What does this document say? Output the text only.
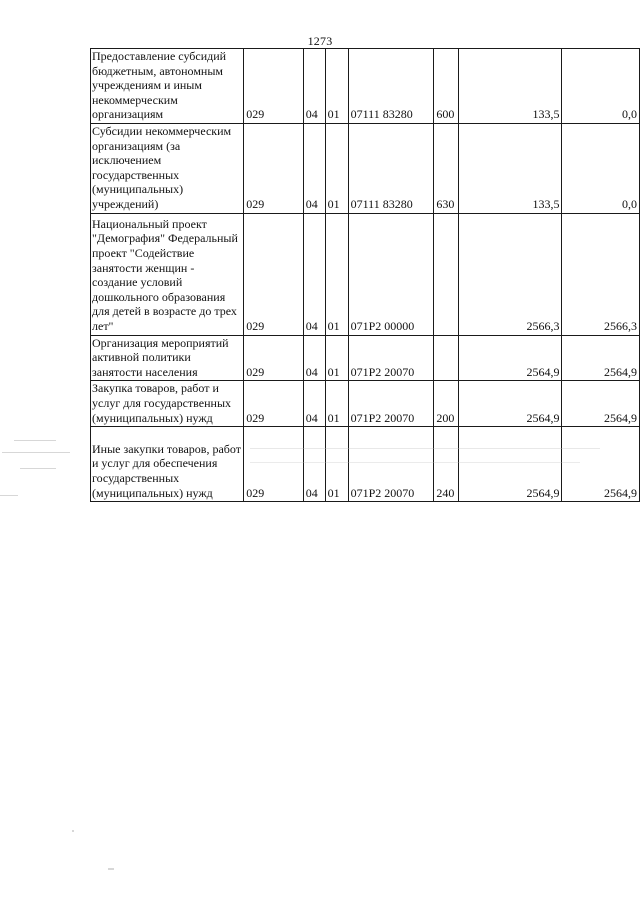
1273
Предоставление субсидий бюджетным, автономным учреждениям и иным некоммерческим организациям	029	04	01	07111 83280	600	133,5	0,0
Субсидии некоммерческим организациям (за исключением государственных (муниципальных) учреждений)	029	04	01	07111 83280	630	133,5	0,0
Национальный проект "Демография" Федеральный проект "Содействие занятости женщин - создание условий дошкольного образования для детей в возрасте до трех лет"	029	04	01	071P2 00000		2566,3	2566,3
Организация мероприятий активной политики занятости населения	029	04	01	071P2 20070		2564,9	2564,9
Закупка товаров, работ и услуг для государственных (муниципальных) нужд	029	04	01	071P2 20070	200	2564,9	2564,9
Иные закупки товаров, работ и услуг для обеспечения государственных (муниципальных) нужд	029	04	01	071P2 20070	240	2564,9	2564,9
